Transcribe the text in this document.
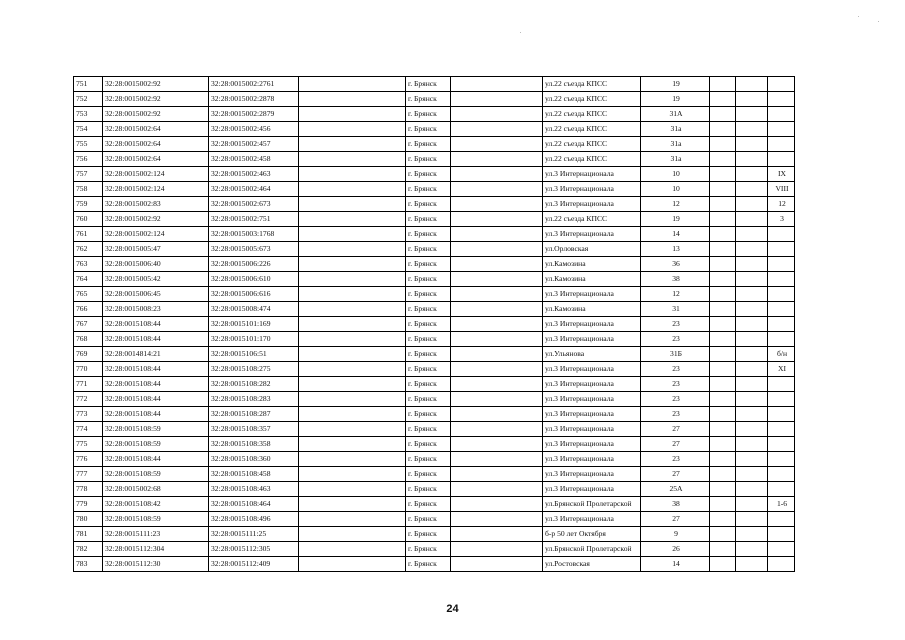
751	32:28:0015002:92	32:28:0015002:2761		г. Брянск		ул.22 съезда КПСС	19			
752	32:28:0015002:92	32:28:0015002:2878		г. Брянск		ул.22 съезда КПСС	19			
753	32:28:0015002:92	32:28:0015002:2879		г. Брянск		ул.22 съезда КПСС	31А			
754	32:28:0015002:64	32:28:0015002:456		г. Брянск		ул.22 съезда КПСС	31а			
755	32:28:0015002:64	32:28:0015002:457		г. Брянск		ул.22 съезда КПСС	31а			
756	32:28:0015002:64	32:28:0015002:458		г. Брянск		ул.22 съезда КПСС	31а			
757	32:28:0015002:124	32:28:0015002:463		г. Брянск		ул.3 Интернационала	10			IX
758	32:28:0015002:124	32:28:0015002:464		г. Брянск		ул.3 Интернационала	10			VIII
759	32:28:0015002:83	32:28:0015002:673		г. Брянск		ул.3 Интернационала	12			12
760	32:28:0015002:92	32:28:0015002:751		г. Брянск		ул.22 съезда КПСС	19			3
761	32:28:0015002:124	32:28:0015003:1768		г. Брянск		ул.3 Интернационала	14			
762	32:28:0015005:47	32:28:0015005:673		г. Брянск		ул.Орловская	13			
763	32:28:0015006:40	32:28:0015006:226		г. Брянск		ул.Камозина	36			
764	32:28:0015005:42	32:28:0015006:610		г. Брянск		ул.Камозина	38			
765	32:28:0015006:45	32:28:0015006:616		г. Брянск		ул.3 Интернационала	12			
766	32:28:0015008:23	32:28:0015008:474		г. Брянск		ул.Камозина	31			
767	32:28:0015108:44	32:28:0015101:169		г. Брянск		ул.3 Интернационала	23			
768	32:28:0015108:44	32:28:0015101:170		г. Брянск		ул.3 Интернационала	23			
769	32:28:0014814:21	32:28:0015106:51		г. Брянск		ул.Ульянова	31Б			б/н
770	32:28:0015108:44	32:28:0015108:275		г. Брянск		ул.3 Интернационала	23			XI
771	32:28:0015108:44	32:28:0015108:282		г. Брянск		ул.3 Интернационала	23			
772	32:28:0015108:44	32:28:0015108:283		г. Брянск		ул.3 Интернационала	23			
773	32:28:0015108:44	32:28:0015108:287		г. Брянск		ул.3 Интернационала	23			
774	32:28:0015108:59	32:28:0015108:357		г. Брянск		ул.3 Интернационала	27			
775	32:28:0015108:59	32:28:0015108:358		г. Брянск		ул.3 Интернационала	27			
776	32:28:0015108:44	32:28:0015108:360		г. Брянск		ул.3 Интернационала	23			
777	32:28:0015108:59	32:28:0015108:458		г. Брянск		ул.3 Интернационала	27			
778	32:28:0015002:68	32:28:0015108:463		г. Брянск		ул.3 Интернационала	25А			
779	32:28:0015108:42	32:28:0015108:464		г. Брянск		ул.Брянской Пролетарской	38			1-6
780	32:28:0015108:59	32:28:0015108:496		г. Брянск		ул.3 Интернационала	27			
781	32:28:0015111:23	32:28:0015111:25		г. Брянск		б-р 50 лет Октября	9			
782	32:28:0015112:304	32:28:0015112:305		г. Брянск		ул.Брянской Пролетарской	26			
783	32:28:0015112:30	32:28:0015112:409		г. Брянск		ул.Ростовская	14			
24
